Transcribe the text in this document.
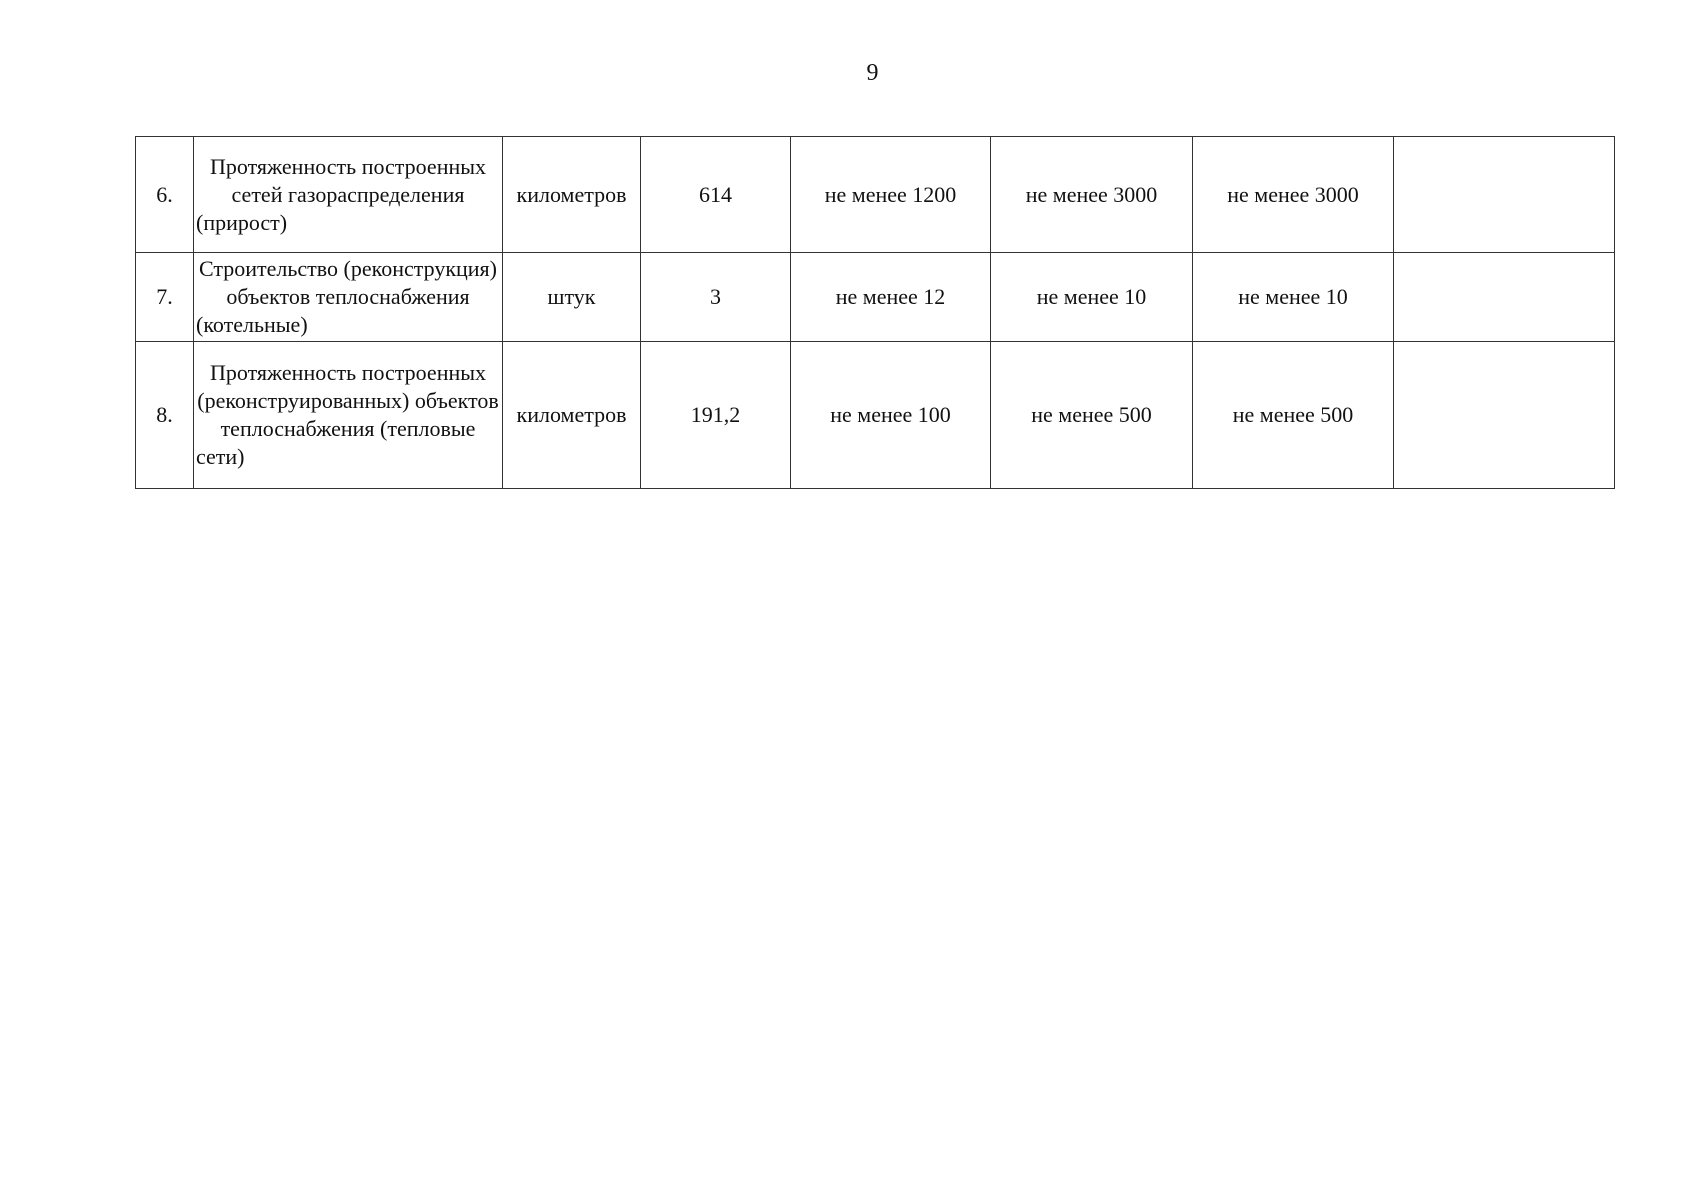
9
6.	Протяженность построенных сетей газораспределения (прирост)	километров	614	не менее 1200	не менее 3000	не менее 3000	
7.	Строительство (реконструкция) объектов теплоснабжения (котельные)	штук	3	не менее 12	не менее 10	не менее 10	
8.	Протяженность построенных (реконструированных) объектов теплоснабжения (тепловые сети)	километров	191,2	не менее 100	не менее 500	не менее 500	
